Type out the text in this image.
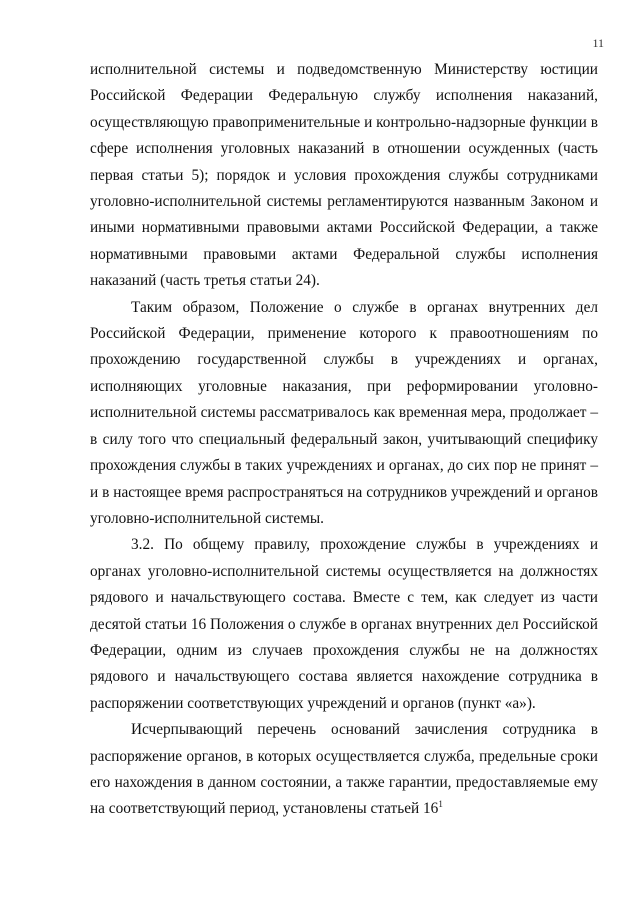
11

исполнительной системы и подведомственную Министерству юстиции Российской Федерации Федеральную службу исполнения наказаний, осуществляющую правоприменительные и контрольно-надзорные функции в сфере исполнения уголовных наказаний в отношении осужденных (часть первая статьи 5); порядок и условия прохождения службы сотрудниками уголовно-исполнительной системы регламентируются названным Законом и иными нормативными правовыми актами Российской Федерации, а также нормативными правовыми актами Федеральной службы исполнения наказаний (часть третья статьи 24).

Таким образом, Положение о службе в органах внутренних дел Российской Федерации, применение которого к правоотношениям по прохождению государственной службы в учреждениях и органах, исполняющих уголовные наказания, при реформировании уголовно-исполнительной системы рассматривалось как временная мера, продолжает – в силу того что специальный федеральный закон, учитывающий специфику прохождения службы в таких учреждениях и органах, до сих пор не принят – и в настоящее время распространяться на сотрудников учреждений и органов уголовно-исполнительной системы.

3.2. По общему правилу, прохождение службы в учреждениях и органах уголовно-исполнительной системы осуществляется на должностях рядового и начальствующего состава. Вместе с тем, как следует из части десятой статьи 16 Положения о службе в органах внутренних дел Российской Федерации, одним из случаев прохождения службы не на должностях рядового и начальствующего состава является нахождение сотрудника в распоряжении соответствующих учреждений и органов (пункт «а»).

Исчерпывающий перечень оснований зачисления сотрудника в распоряжение органов, в которых осуществляется служба, предельные сроки его нахождения в данном состоянии, а также гарантии, предоставляемые ему на соответствующий период, установлены статьей $16^1$
